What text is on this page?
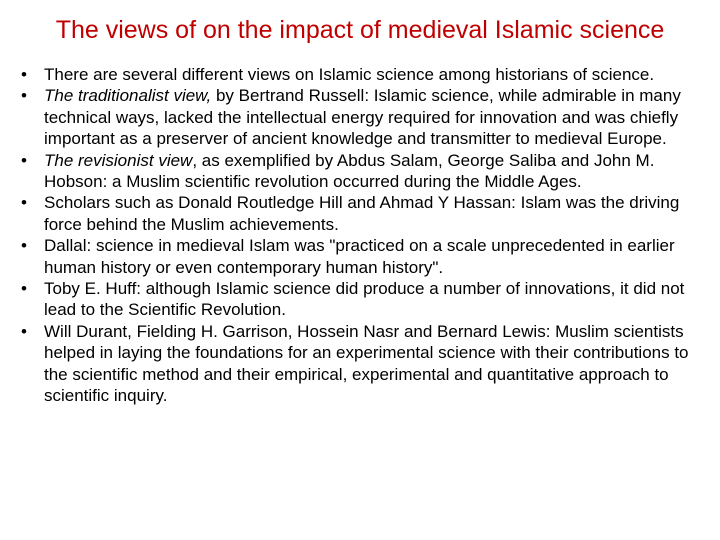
The views of on the impact of medieval Islamic science
• There are several different views on Islamic science among historians of science.
• The traditionalist view, by Bertrand Russell: Islamic science, while admirable in many technical ways, lacked the intellectual energy required for innovation and was chiefly important as a preserver of ancient knowledge and transmitter to medieval Europe.
• The revisionist view, as exemplified by Abdus Salam, George Saliba and John M. Hobson: a Muslim scientific revolution occurred during the Middle Ages.
• Scholars such as Donald Routledge Hill and Ahmad Y Hassan: Islam was the driving force behind the Muslim achievements.
• Dallal: science in medieval Islam was "practiced on a scale unprecedented in earlier human history or even contemporary human history".
• Toby E. Huff: although Islamic science did produce a number of innovations, it did not lead to the Scientific Revolution.
• Will Durant, Fielding H. Garrison, Hossein Nasr and Bernard Lewis: Muslim scientists helped in laying the foundations for an experimental science with their contributions to the scientific method and their empirical, experimental and quantitative approach to scientific inquiry.
